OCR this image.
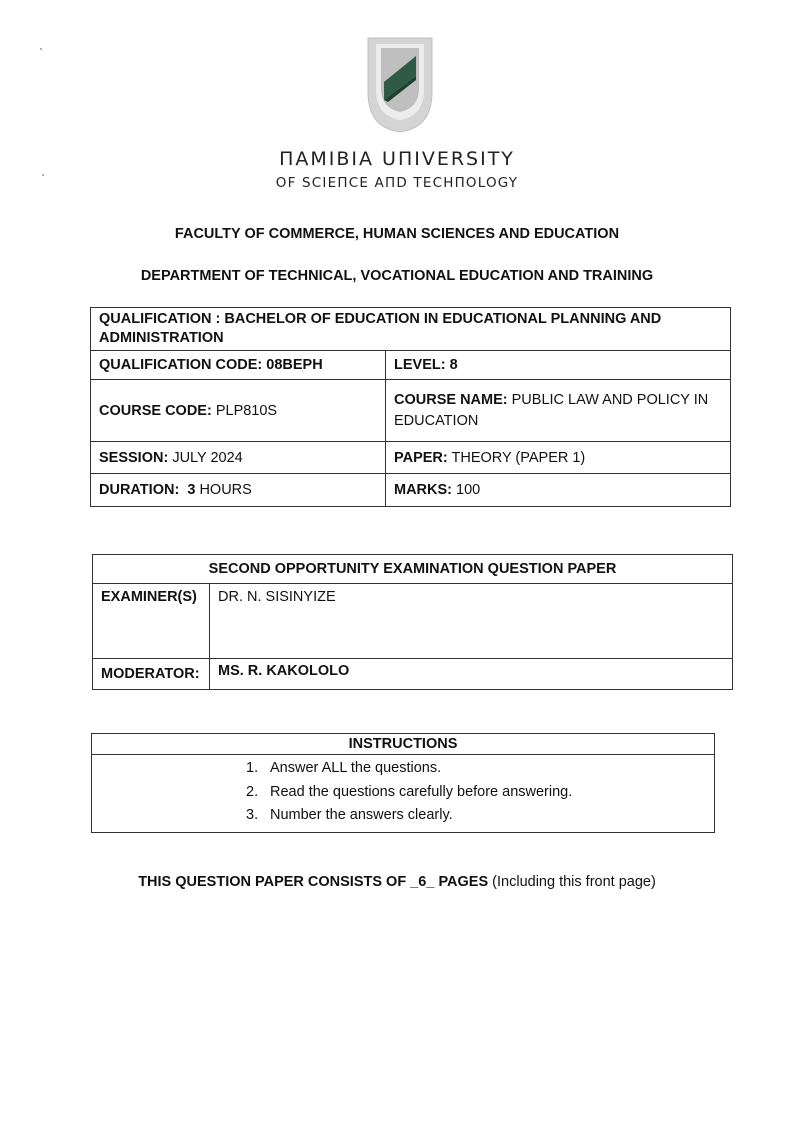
ΠΑΜΙΒΙΑ UΠIVERSITY
OF SCIEΠCE ΑΠD TECHΠOLOGY
FACULTY OF COMMERCE, HUMAN SCIENCES AND EDUCATION
DEPARTMENT OF TECHNICAL, VOCATIONAL EDUCATION AND TRAINING
QUALIFICATION : BACHELOR OF EDUCATION IN EDUCATIONAL PLANNING AND ADMINISTRATION	
QUALIFICATION CODE: 08BEPH	LEVEL: 8
COURSE CODE: PLP810S	COURSE NAME: PUBLIC LAW AND POLICY IN EDUCATION
SESSION: JULY 2024	PAPER: THEORY (PAPER 1)
DURATION: 3 HOURS	MARKS: 100
SECOND OPPORTUNITY EXAMINATION QUESTION PAPER	
EXAMINER(S)	DR. N. SISINYIZE
MODERATOR:	MS. R. KAKOLOLO
INSTRUCTIONS

1. Answer ALL the questions.
2. Read the questions carefully before answering.
3. Number the answers clearly.
THIS QUESTION PAPER CONSISTS OF _6_ PAGES (Including this front page)
